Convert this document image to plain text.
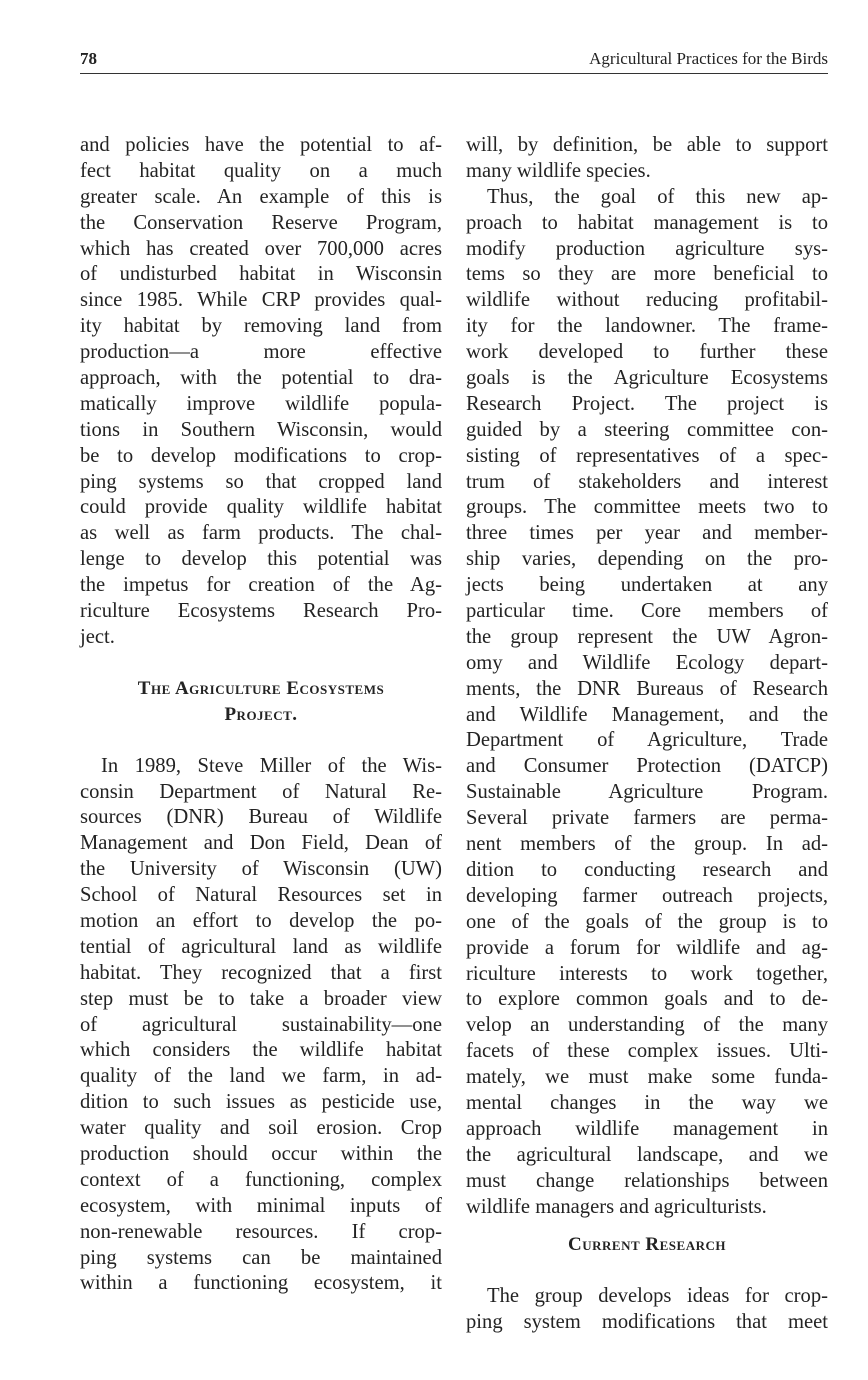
78	Agricultural Practices for the Birds
and policies have the potential to af-
fect habitat quality on a much
greater scale. An example of this is
the Conservation Reserve Program,
which has created over 700,000 acres
of undisturbed habitat in Wisconsin
since 1985. While CRP provides qual-
ity habitat by removing land from
production—a more effective
approach, with the potential to dra-
matically improve wildlife popula-
tions in Southern Wisconsin, would
be to develop modifications to crop-
ping systems so that cropped land
could provide quality wildlife habitat
as well as farm products. The chal-
lenge to develop this potential was
the impetus for creation of the Ag-
riculture Ecosystems Research Pro-
ject.
The Agriculture Ecosystems
Project.
In 1989, Steve Miller of the Wis-
consin Department of Natural Re-
sources (DNR) Bureau of Wildlife
Management and Don Field, Dean of
the University of Wisconsin (UW)
School of Natural Resources set in
motion an effort to develop the po-
tential of agricultural land as wildlife
habitat. They recognized that a first
step must be to take a broader view
of agricultural sustainability—one
which considers the wildlife habitat
quality of the land we farm, in ad-
dition to such issues as pesticide use,
water quality and soil erosion. Crop
production should occur within the
context of a functioning, complex
ecosystem, with minimal inputs of
non-renewable resources. If crop-
ping systems can be maintained
within a functioning ecosystem, it
will, by definition, be able to support
many wildlife species.
Thus, the goal of this new ap-
proach to habitat management is to
modify production agriculture sys-
tems so they are more beneficial to
wildlife without reducing profitabil-
ity for the landowner. The frame-
work developed to further these
goals is the Agriculture Ecosystems
Research Project. The project is
guided by a steering committee con-
sisting of representatives of a spec-
trum of stakeholders and interest
groups. The committee meets two to
three times per year and member-
ship varies, depending on the pro-
jects being undertaken at any
particular time. Core members of
the group represent the UW Agron-
omy and Wildlife Ecology depart-
ments, the DNR Bureaus of Research
and Wildlife Management, and the
Department of Agriculture, Trade
and Consumer Protection (DATCP)
Sustainable Agriculture Program.
Several private farmers are perma-
nent members of the group. In ad-
dition to conducting research and
developing farmer outreach projects,
one of the goals of the group is to
provide a forum for wildlife and ag-
riculture interests to work together,
to explore common goals and to de-
velop an understanding of the many
facets of these complex issues. Ulti-
mately, we must make some funda-
mental changes in the way we
approach wildlife management in
the agricultural landscape, and we
must change relationships between
wildlife managers and agriculturists.
Current Research
The group develops ideas for crop-
ping system modifications that meet
